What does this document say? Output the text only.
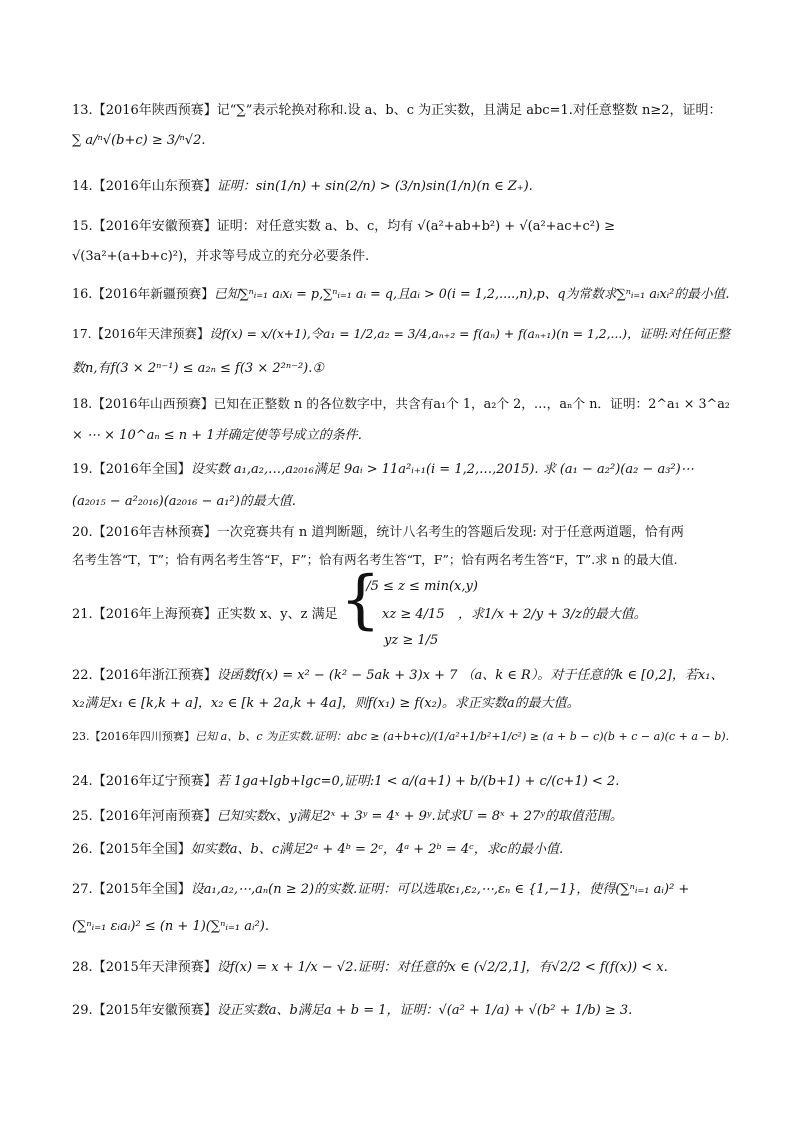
13.【2016年陕西预赛】记“∑”表示轮换对称和.设 a、b、c 为正实数，且满足 abc=1.对任意整数 n≥2，证明：
∑ a/ⁿ√(b+c) ≥ 3/ⁿ√2.
14.【2016年山东预赛】证明：sin(1/n) + sin(2/n) > (3/n)sin(1/n)(n ∈ Z₊).
15.【2016年安徽预赛】证明：对任意实数 a、b、c，均有 √(a²+ab+b²) + √(a²+ac+c²) ≥
√(3a²+(a+b+c)²)，并求等号成立的充分必要条件.
16.【2016年新疆预赛】已知∑ⁿᵢ₌₁ aᵢxᵢ = p,∑ⁿᵢ₌₁ aᵢ = q,且aᵢ > 0(i = 1,2,....,n),p、q为常数求∑ⁿᵢ₌₁ aᵢxᵢ²的最小值.
17.【2016年天津预赛】设f(x) = x/(x+1),令a₁ = 1/2,a₂ = 3/4,aₙ₊₂ = f(aₙ) + f(aₙ₊₁)(n = 1,2,...)，证明:对任何正整
数n,有f(3 × 2ⁿ⁻¹) ≤ a₂ₙ ≤ f(3 × 2²ⁿ⁻²).①
18.【2016年山西预赛】已知在正整数 n 的各位数字中，共含有a₁个 1，a₂个 2，…，aₙ个 n．证明：2^a₁ × 3^a₂
× ⋯ × 10^aₙ ≤ n + 1并确定使等号成立的条件．
19.【2016年全国】设实数 a₁,a₂,…,a₂₀₁₆满足 9aᵢ > 11a²ᵢ₊₁(i = 1,2,…,2015). 求 (a₁ − a₂²)(a₂ − a₃²)⋯
(a₂₀₁₅ − a²₂₀₁₆)(a₂₀₁₆ − a₁²)的最大值.
20.【2016年吉林预赛】一次竞赛共有 n 道判断题，统计八名考生的答题后发现: 对于任意两道题，恰有两
名考生答“T，T”；恰有两名考生答“F，F”；恰有两名考生答“T，F”；恰有两名考生答“F，T”.求 n 的最大值.
21.【2016年上海预赛】正实数 x、y、z 满足 {
1/5 ≤ z ≤ min(x,y)
xz ≥ 4/15
yz ≥ 1/5
，求1/x + 2/y + 3/z的最大值。
22.【2016年浙江预赛】设函数f(x) = x² − (k² − 5ak + 3)x + 7 （a、k ∈ R）。对于任意的k ∈ [0,2]，若x₁、
x₂满足x₁ ∈ [k,k + a]，x₂ ∈ [k + 2a,k + 4a]，则f(x₁) ≥ f(x₂)。求正实数a的最大值。
23.【2016年四川预赛】已知 a、b、c 为正实数.证明：abc ≥ (a+b+c)/(1/a²+1/b²+1/c²) ≥ (a + b − c)(b + c − a)(c + a − b).
24.【2016年辽宁预赛】若 1ga+lgb+lgc=0,证明:1 < a/(a+1) + b/(b+1) + c/(c+1) < 2.
25.【2016年河南预赛】已知实数x、y满足2ˣ + 3ʸ = 4ˣ + 9ʸ.试求U = 8ˣ + 27ʸ的取值范围。
26.【2015年全国】如实数a、b、c满足2ᵃ + 4ᵇ = 2ᶜ，4ᵃ + 2ᵇ = 4ᶜ，求c的最小值.
27.【2015年全国】设a₁,a₂,⋯,aₙ(n ≥ 2)的实数.证明：可以选取ε₁,ε₂,⋯,εₙ ∈ {1,−1}，使得(∑ⁿᵢ₌₁ aᵢ)² +
(∑ⁿᵢ₌₁ εᵢaᵢ)² ≤ (n + 1)(∑ⁿᵢ₌₁ aᵢ²).
28.【2015年天津预赛】设f(x) = x + 1/x − √2.证明：对任意的x ∈ (√2/2,1]，有√2/2 < f(f(x)) < x.
29.【2015年安徽预赛】设正实数a、b满足a + b = 1，证明：√(a² + 1/a) + √(b² + 1/b) ≥ 3.
